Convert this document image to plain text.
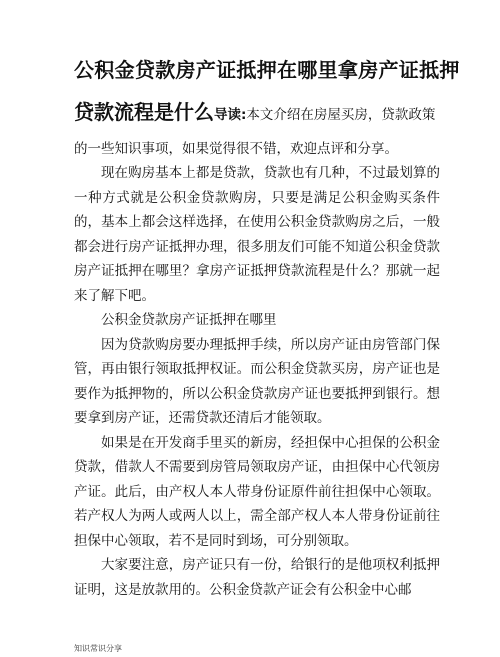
公积金贷款房产证抵押在哪里拿房产证抵押
贷款流程是什么导读:本文介绍在房屋买房，贷款政策
的一些知识事项，如果觉得很不错，欢迎点评和分享。

现在购房基本上都是贷款，贷款也有几种，不过最划算的一种方式就是公积金贷款购房，只要是满足公积金购买条件的，基本上都会这样选择，在使用公积金贷款购房之后，一般都会进行房产证抵押办理，很多朋友们可能不知道公积金贷款房产证抵押在哪里？拿房产证抵押贷款流程是什么？那就一起来了解下吧。

公积金贷款房产证抵押在哪里

因为贷款购房要办理抵押手续，所以房产证由房管部门保管，再由银行领取抵押权证。而公积金贷款买房，房产证也是要作为抵押物的，所以公积金贷款房产证也要抵押到银行。想要拿到房产证，还需贷款还清后才能领取。

如果是在开发商手里买的新房，经担保中心担保的公积金贷款，借款人不需要到房管局领取房产证，由担保中心代领房产证。此后，由产权人本人带身份证原件前往担保中心领取。若产权人为两人或两人以上，需全部产权人本人带身份证前往担保中心领取，若不是同时到场，可分别领取。

大家要注意，房产证只有一份，给银行的是他项权利抵押证明，这是放款用的。公积金贷款产证会有公积金中心邮

知识常识分享
